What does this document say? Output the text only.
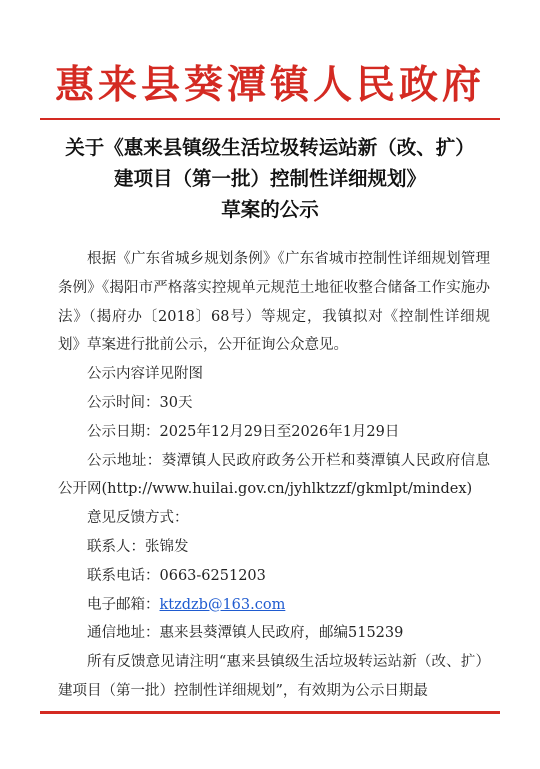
惠来县葵潭镇人民政府
关于《惠来县镇级生活垃圾转运站新（改、扩）
建项目（第一批）控制性详细规划》
草案的公示

根据《广东省城乡规划条例》《广东省城市控制性详细规划管理条例》《揭阳市严格落实控规单元规范土地征收整合储备工作实施办法》（揭府办〔2018〕68号）等规定，我镇拟对《控制性详细规划》草案进行批前公示，公开征询公众意见。

公示内容详见附图

公示时间：30天

公示日期：2025年12月29日至2026年1月29日

公示地址：葵潭镇人民政府政务公开栏和葵潭镇人民政府信息公开网(http://www.huilai.gov.cn/jyhlktzzf/gkmlpt/mindex)

意见反馈方式：

联系人：张锦发

联系电话：0663-6251203

电子邮箱：ktzdzb@163.com

通信地址：惠来县葵潭镇人民政府，邮编515239

所有反馈意见请注明“惠来县镇级生活垃圾转运站新（改、扩）建项目（第一批）控制性详细规划”，有效期为公示日期最
